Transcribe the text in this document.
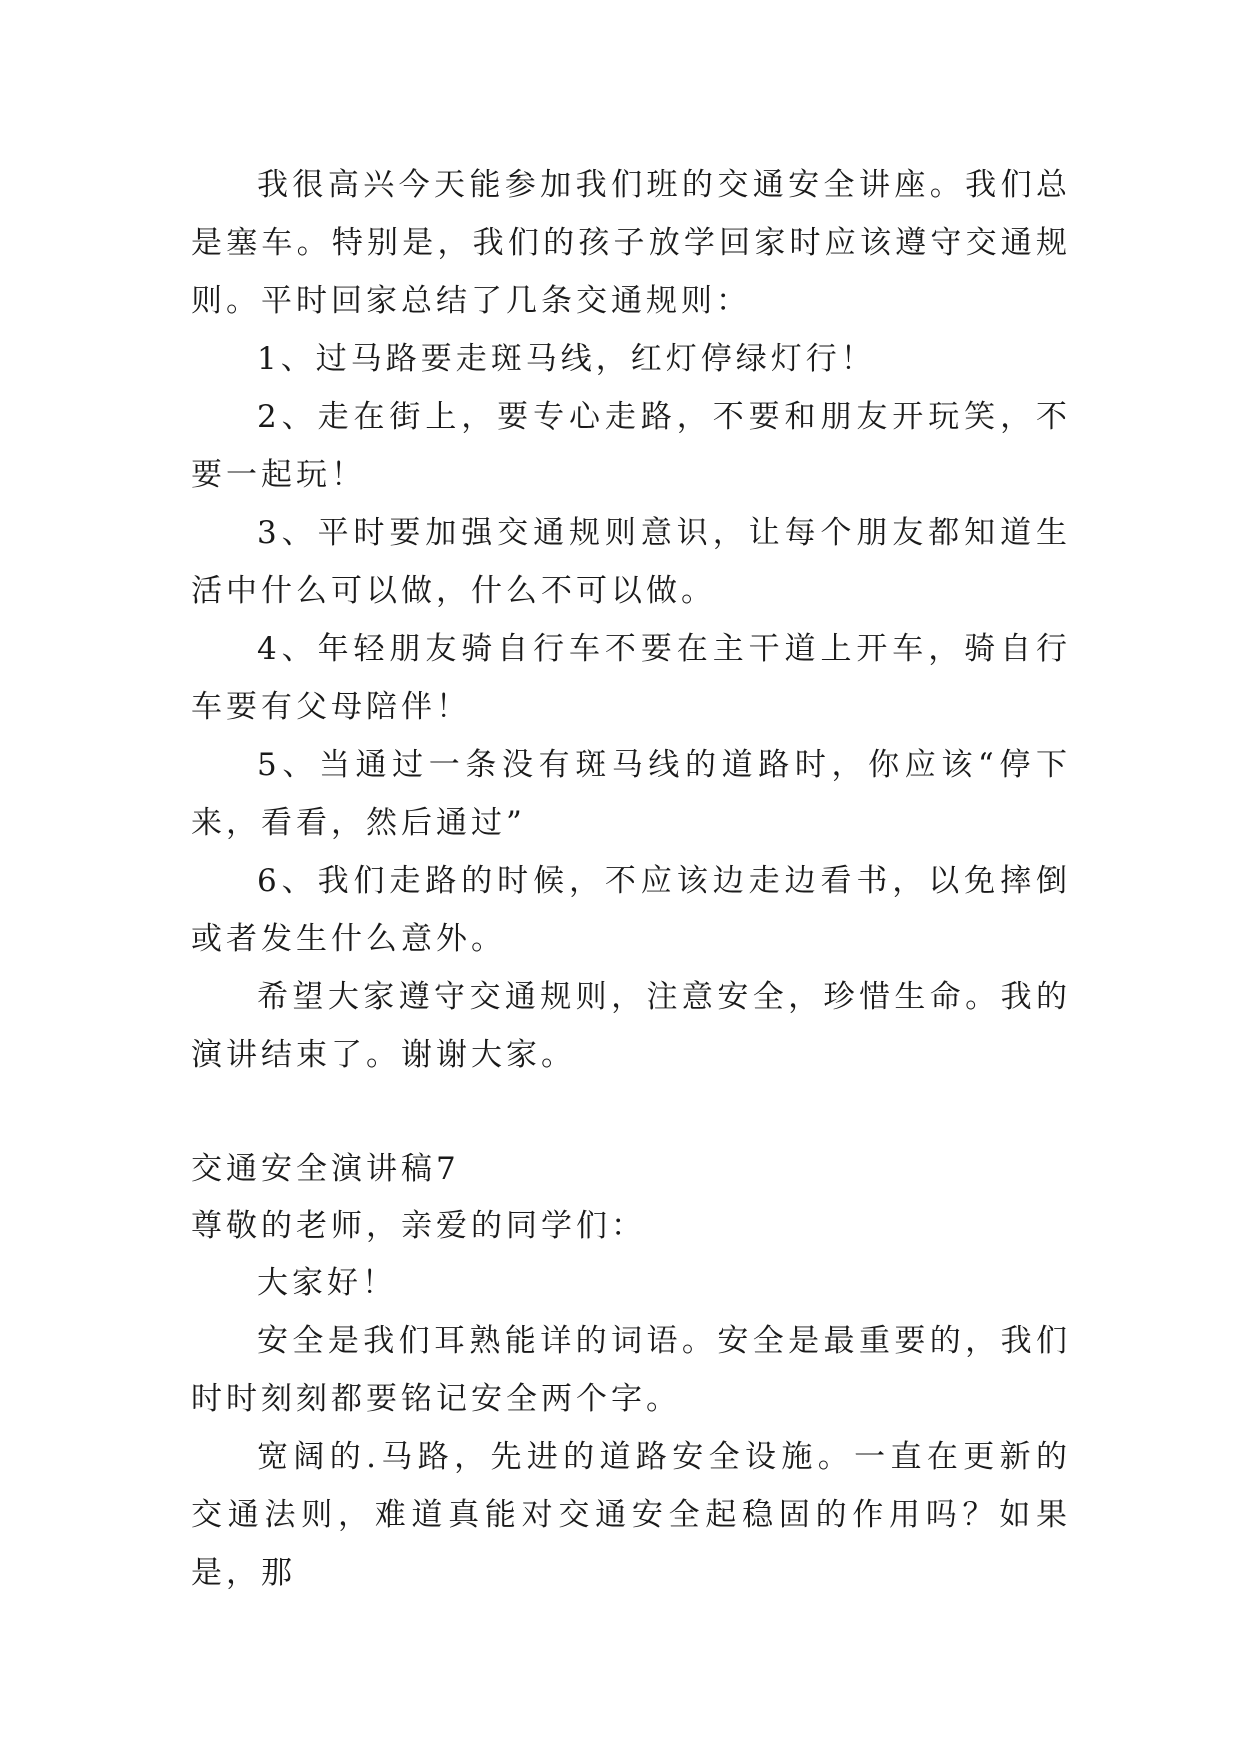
我很高兴今天能参加我们班的交通安全讲座。我们总是塞车。特别是，我们的孩子放学回家时应该遵守交通规则。平时回家总结了几条交通规则：

1、过马路要走斑马线，红灯停绿灯行！

2、走在街上，要专心走路，不要和朋友开玩笑，不要一起玩！

3、平时要加强交通规则意识，让每个朋友都知道生活中什么可以做，什么不可以做。

4、年轻朋友骑自行车不要在主干道上开车，骑自行车要有父母陪伴！

5、当通过一条没有斑马线的道路时，你应该“停下来，看看，然后通过”

6、我们走路的时候，不应该边走边看书，以免摔倒或者发生什么意外。

希望大家遵守交通规则，注意安全，珍惜生命。我的演讲结束了。谢谢大家。

交通安全演讲稿7

尊敬的老师，亲爱的同学们：

大家好！

安全是我们耳熟能详的词语。安全是最重要的，我们时时刻刻都要铭记安全两个字。

宽阔的.马路，先进的道路安全设施。一直在更新的交通法则，难道真能对交通安全起稳固的作用吗？如果是，那
